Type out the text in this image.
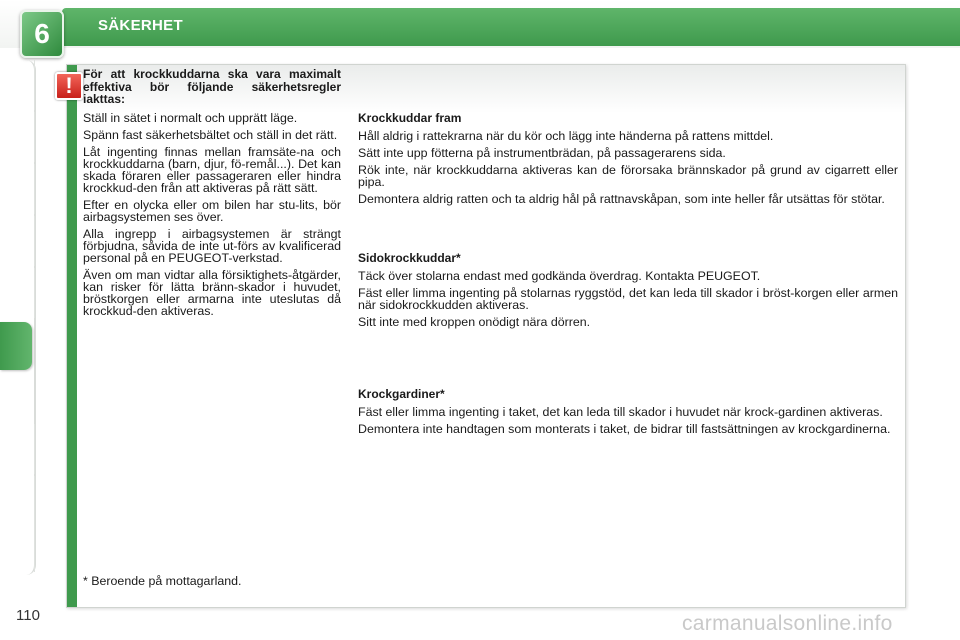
SÄKERHET
6
! För att krockkuddarna ska vara maximalt effektiva bör följande säkerhetsregler iakttas:

Ställ in sätet i normalt och upprätt läge.

Spänn fast säkerhetsbältet och ställ in det rätt.

Låt ingenting finnas mellan framsäte-na och krockkuddarna (barn, djur, fö-remål...). Det kan skada föraren eller passageraren eller hindra krockkud-den från att aktiveras på rätt sätt.

Efter en olycka eller om bilen har stu-lits, bör airbagsystemen ses över.

Alla ingrepp i airbagsystemen är strängt förbjudna, såvida de inte ut-förs av kvalificerad personal på en PEUGEOT-verkstad.

Även om man vidtar alla försiktighets-åtgärder, kan risker för lätta bränn-skador i huvudet, bröstkorgen eller armarna inte uteslutas då krockkud-den aktiveras.

Krockkuddar fram

Håll aldrig i rattekrarna när du kör och lägg inte händerna på rattens mittdel.

Sätt inte upp fötterna på instrumentbrädan, på passagerarens sida.

Rök inte, när krockkuddarna aktiveras kan de förorsaka brännskador på grund av cigarrett eller pipa.

Demontera aldrig ratten och ta aldrig hål på rattnavskåpan, som inte heller får utsättas för stötar.

Sidokrockkuddar*

Täck över stolarna endast med godkända överdrag. Kontakta PEUGEOT.

Fäst eller limma ingenting på stolarnas ryggstöd, det kan leda till skador i bröst-korgen eller armen när sidokrockkudden aktiveras.

Sitt inte med kroppen onödigt nära dörren.

Krockgardiner*

Fäst eller limma ingenting i taket, det kan leda till skador i huvudet när krock-gardinen aktiveras.

Demontera inte handtagen som monterats i taket, de bidrar till fastsättningen av krockgardinerna.

* Beroende på mottagarland.
110	carmanualsonline.info
